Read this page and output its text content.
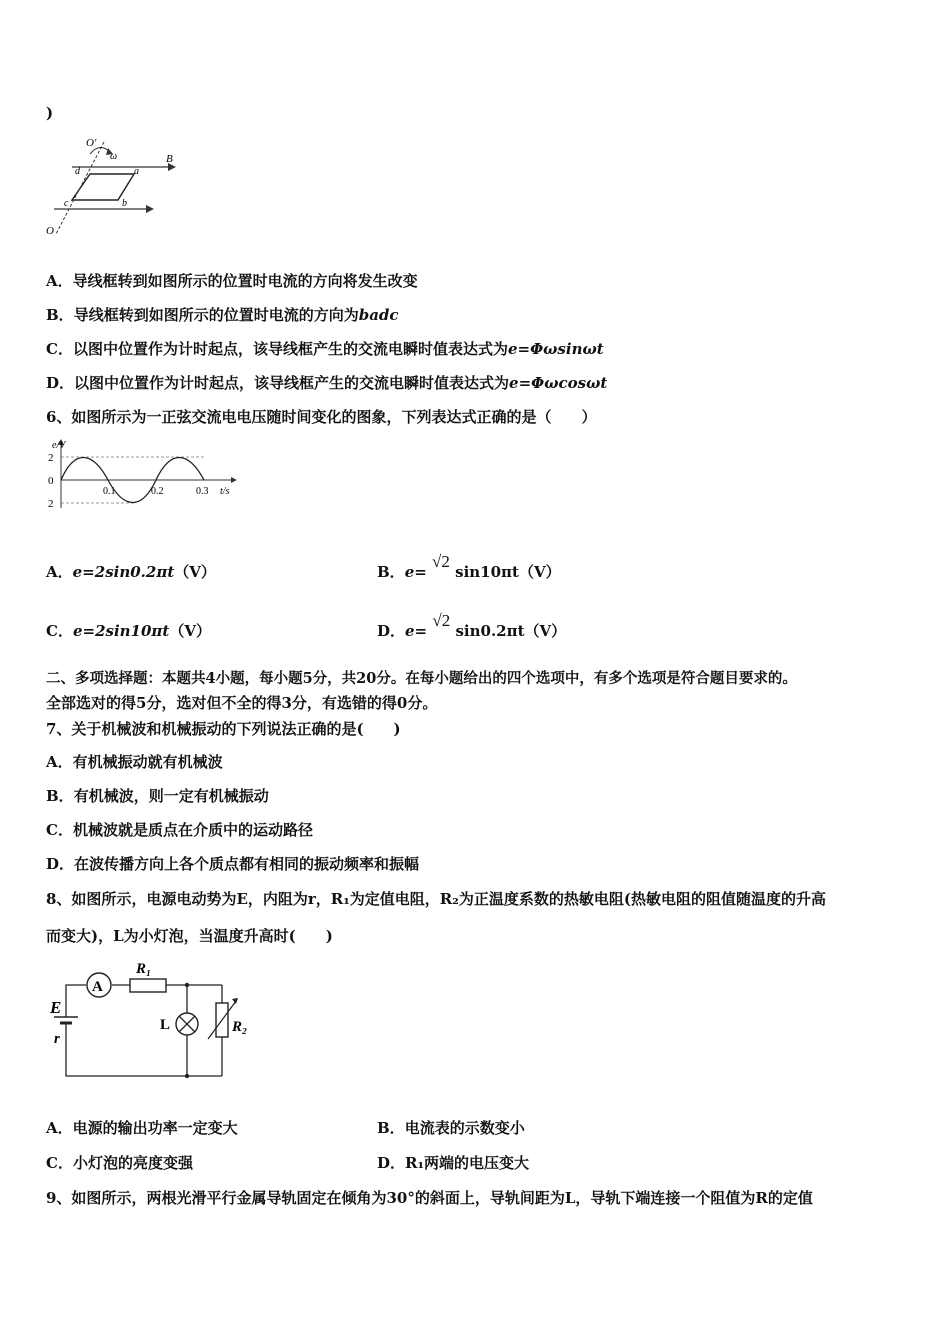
)
O′
ω	B
d	a
c	b
O
A．导线框转到如图所示的位置时电流的方向将发生改变
B．导线框转到如图所示的位置时电流的方向为badc
C．以图中位置作为计时起点，该导线框产生的交流电瞬时值表达式为e=Φωsinωt
D．以图中位置作为计时起点，该导线框产生的交流电瞬时值表达式为e=Φωcosωt
6、如图所示为一正弦交流电电压随时间变化的图象，下列表达式正确的是（　　）
e/V
t/s
2
0
2
0.1	0.2	0.3
A．e=2sin0.2πt（V）	B．e= √2 sin10πt（V）
C．e=2sin10πt（V）	D．e= √2 sin0.2πt（V）
二、多项选择题：本题共4小题，每小题5分，共20分。在每小题给出的四个选项中，有多个选项是符合题目要求的。
全部选对的得5分，选对但不全的得3分，有选错的得0分。
7、关于机械波和机械振动的下列说法正确的是(　　)
A．有机械振动就有机械波
B．有机械波，则一定有机械振动
C．机械波就是质点在介质中的运动路径
D．在波传播方向上各个质点都有相同的振动频率和振幅
8、如图所示，电源电动势为E，内阻为r，R₁为定值电阻，R₂为正温度系数的热敏电阻(热敏电阻的阻值随温度的升高
而变大)，L为小灯泡，当温度升高时(　　)
E
r
A
R₁
L	R₂
A．电源的输出功率一定变大	B．电流表的示数变小
C．小灯泡的亮度变强	D．R₁两端的电压变大
9、如图所示，两根光滑平行金属导轨固定在倾角为30°的斜面上，导轨间距为L，导轨下端连接一个阻值为R的定值
